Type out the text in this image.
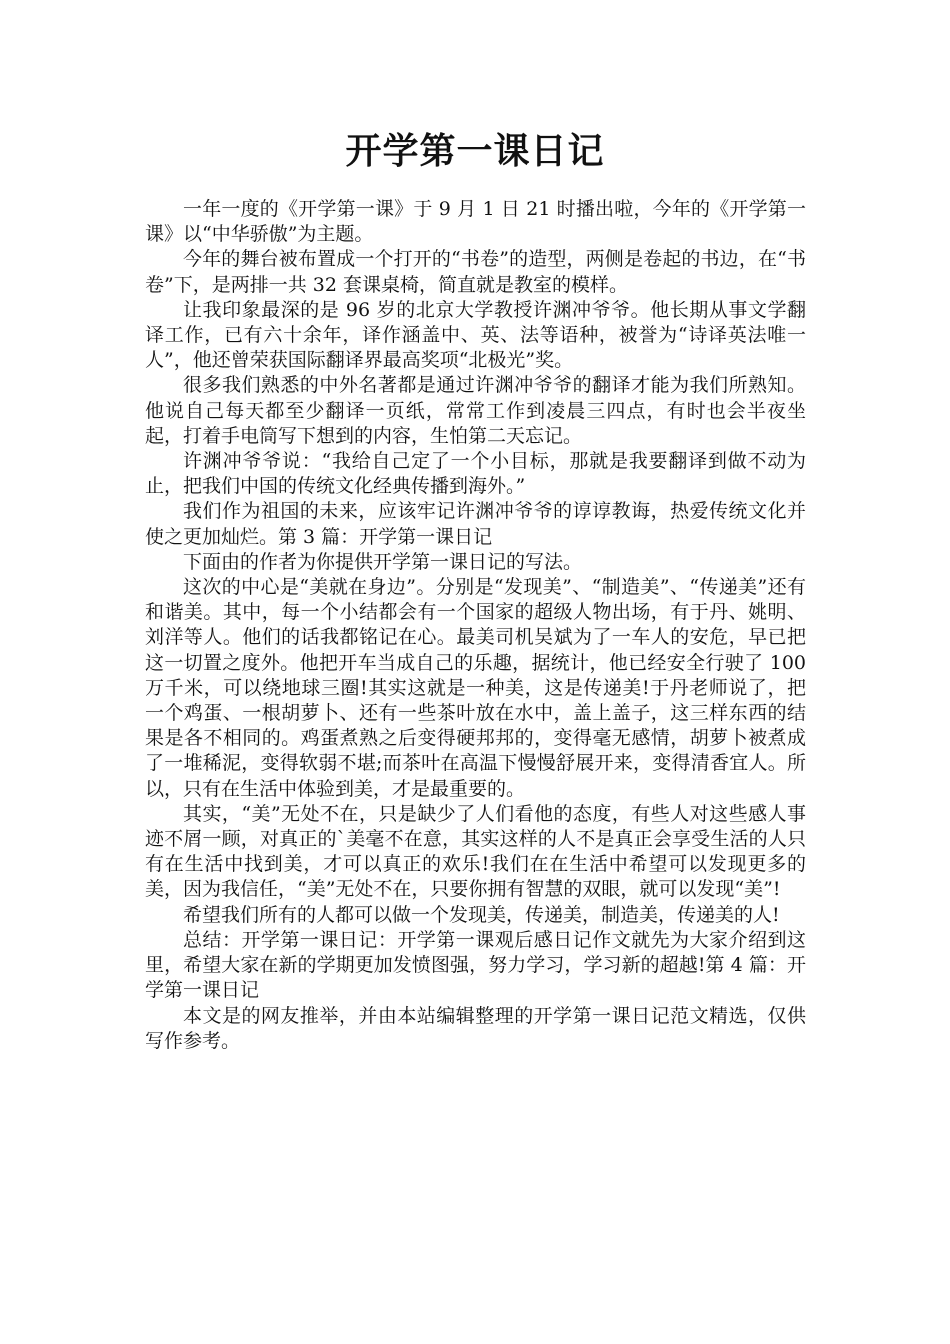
开学第一课日记

一年一度的《开学第一课》于 9 月 1 日 21 时播出啦，今年的《开学第一课》以“中华骄傲”为主题。

今年的舞台被布置成一个打开的“书卷”的造型，两侧是卷起的书边，在“书卷”下，是两排一共 32 套课桌椅，简直就是教室的模样。

让我印象最深的是 96 岁的北京大学教授许渊冲爷爷。他长期从事文学翻译工作，已有六十余年，译作涵盖中、英、法等语种，被誉为“诗译英法唯一人”，他还曾荣获国际翻译界最高奖项“北极光”奖。

很多我们熟悉的中外名著都是通过许渊冲爷爷的翻译才能为我们所熟知。他说自己每天都至少翻译一页纸，常常工作到凌晨三四点，有时也会半夜坐起，打着手电筒写下想到的内容，生怕第二天忘记。

许渊冲爷爷说：“我给自己定了一个小目标，那就是我要翻译到做不动为止，把我们中国的传统文化经典传播到海外。”

我们作为祖国的未来，应该牢记许渊冲爷爷的谆谆教诲，热爱传统文化并使之更加灿烂。第 3 篇：开学第一课日记

下面由的作者为你提供开学第一课日记的写法。

这次的中心是“美就在身边”。分别是“发现美”、“制造美”、“传递美”还有和谐美。其中，每一个小结都会有一个国家的超级人物出场，有于丹、姚明、刘洋等人。他们的话我都铭记在心。最美司机吴斌为了一车人的安危，早已把这一切置之度外。他把开车当成自己的乐趣，据统计，他已经安全行驶了 100 万千米，可以绕地球三圈!其实这就是一种美，这是传递美!于丹老师说了，把一个鸡蛋、一根胡萝卜、还有一些茶叶放在水中，盖上盖子，这三样东西的结果是各不相同的。鸡蛋煮熟之后变得硬邦邦的，变得毫无感情，胡萝卜被煮成了一堆稀泥，变得软弱不堪;而茶叶在高温下慢慢舒展开来，变得清香宜人。所以，只有在生活中体验到美，才是最重要的。

其实，“美”无处不在，只是缺少了人们看他的态度，有些人对这些感人事迹不屑一顾，对真正的`美毫不在意，其实这样的人不是真正会享受生活的人只有在生活中找到美，才可以真正的欢乐!我们在在生活中希望可以发现更多的美，因为我信任，“美”无处不在，只要你拥有智慧的双眼，就可以发现“美”!

希望我们所有的人都可以做一个发现美，传递美，制造美，传递美的人!

总结：开学第一课日记：开学第一课观后感日记作文就先为大家介绍到这里，希望大家在新的学期更加发愤图强，努力学习，学习新的超越!第 4 篇：开学第一课日记

本文是的网友推举，并由本站编辑整理的开学第一课日记范文精选，仅供写作参考。
